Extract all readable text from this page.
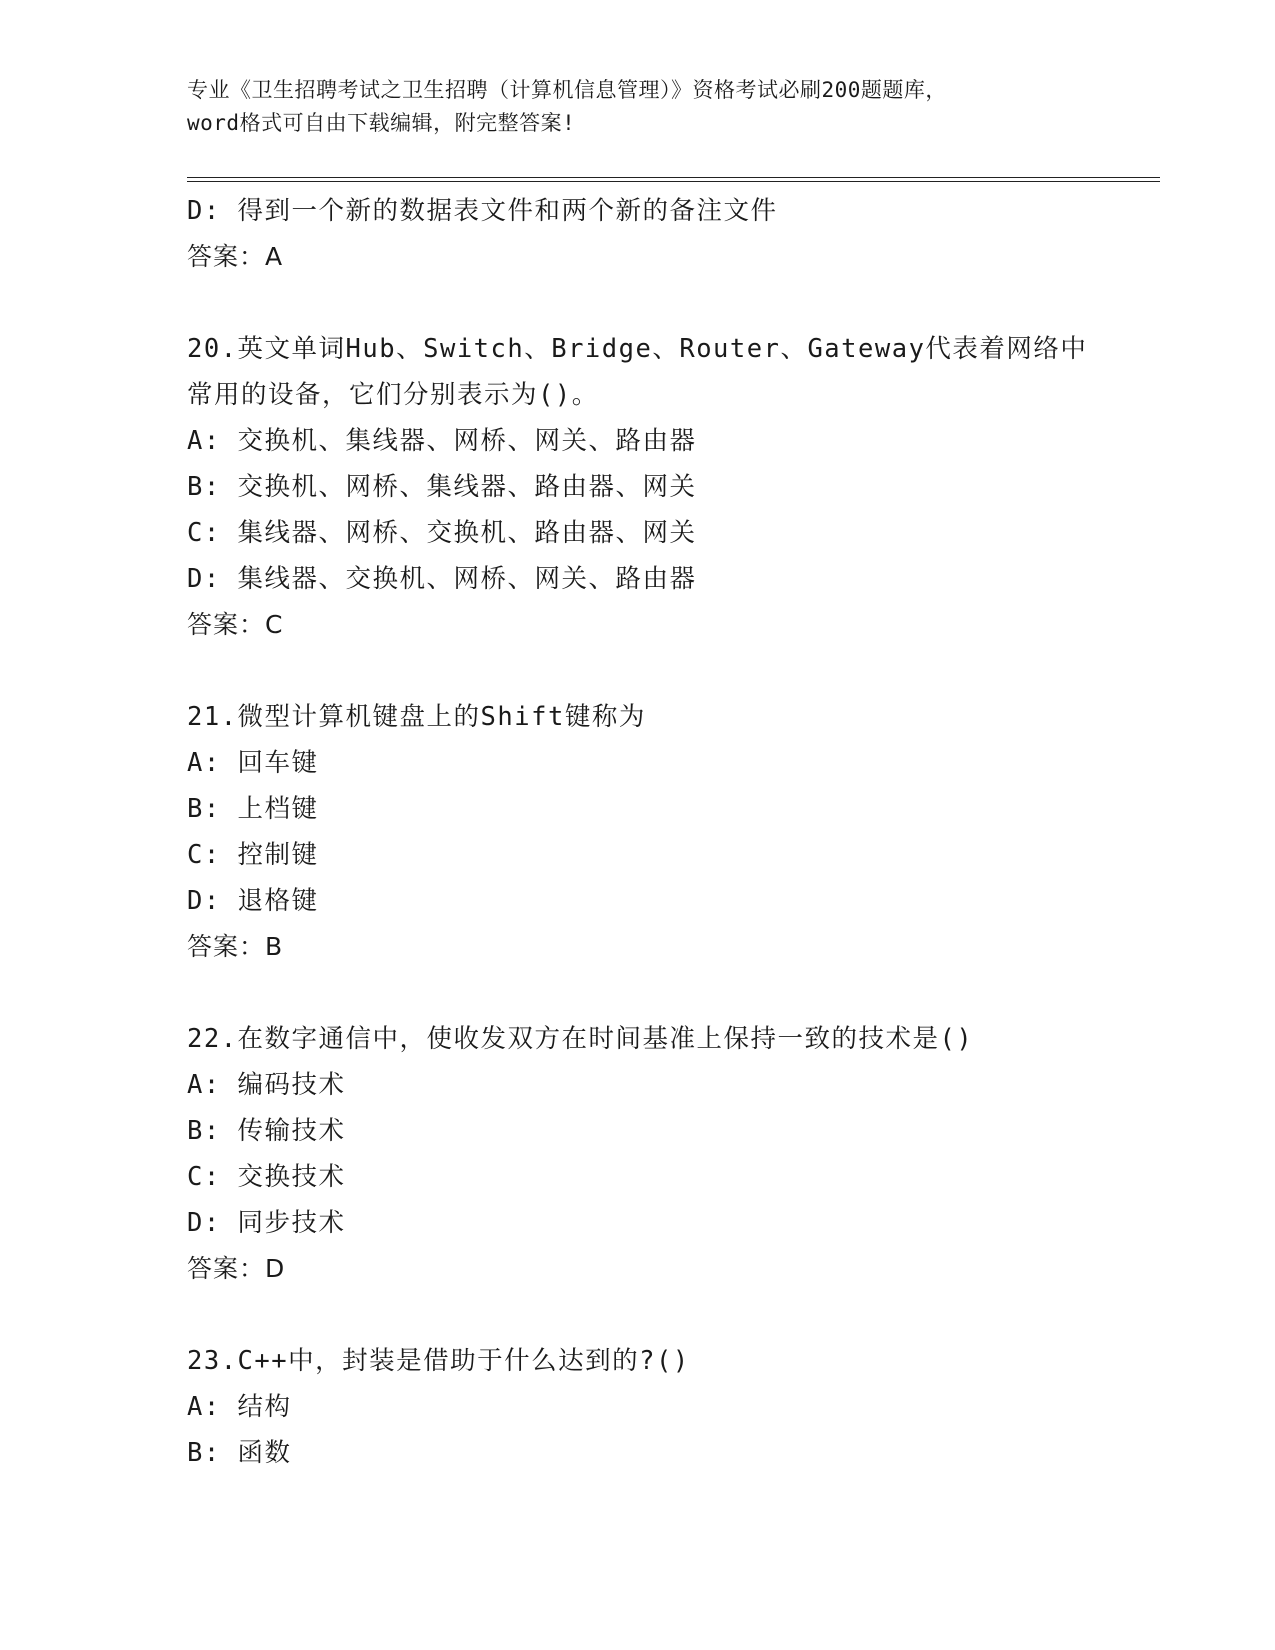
专业《卫生招聘考试之卫生招聘（计算机信息管理）》资格考试必刷200题题库，
word格式可自由下载编辑，附完整答案!
D: 得到一个新的数据表文件和两个新的备注文件
答案：A
20.英文单词Hub、Switch、Bridge、Router、Gateway代表着网络中
常用的设备，它们分别表示为()。
A: 交换机、集线器、网桥、网关、路由器
B: 交换机、网桥、集线器、路由器、网关
C: 集线器、网桥、交换机、路由器、网关
D: 集线器、交换机、网桥、网关、路由器
答案：C
21.微型计算机键盘上的Shift键称为
A: 回车键
B: 上档键
C: 控制键
D: 退格键
答案：B
22.在数字通信中，使收发双方在时间基准上保持一致的技术是()
A: 编码技术
B: 传输技术
C: 交换技术
D: 同步技术
答案：D
23.C++中，封装是借助于什么达到的?()
A: 结构
B: 函数
